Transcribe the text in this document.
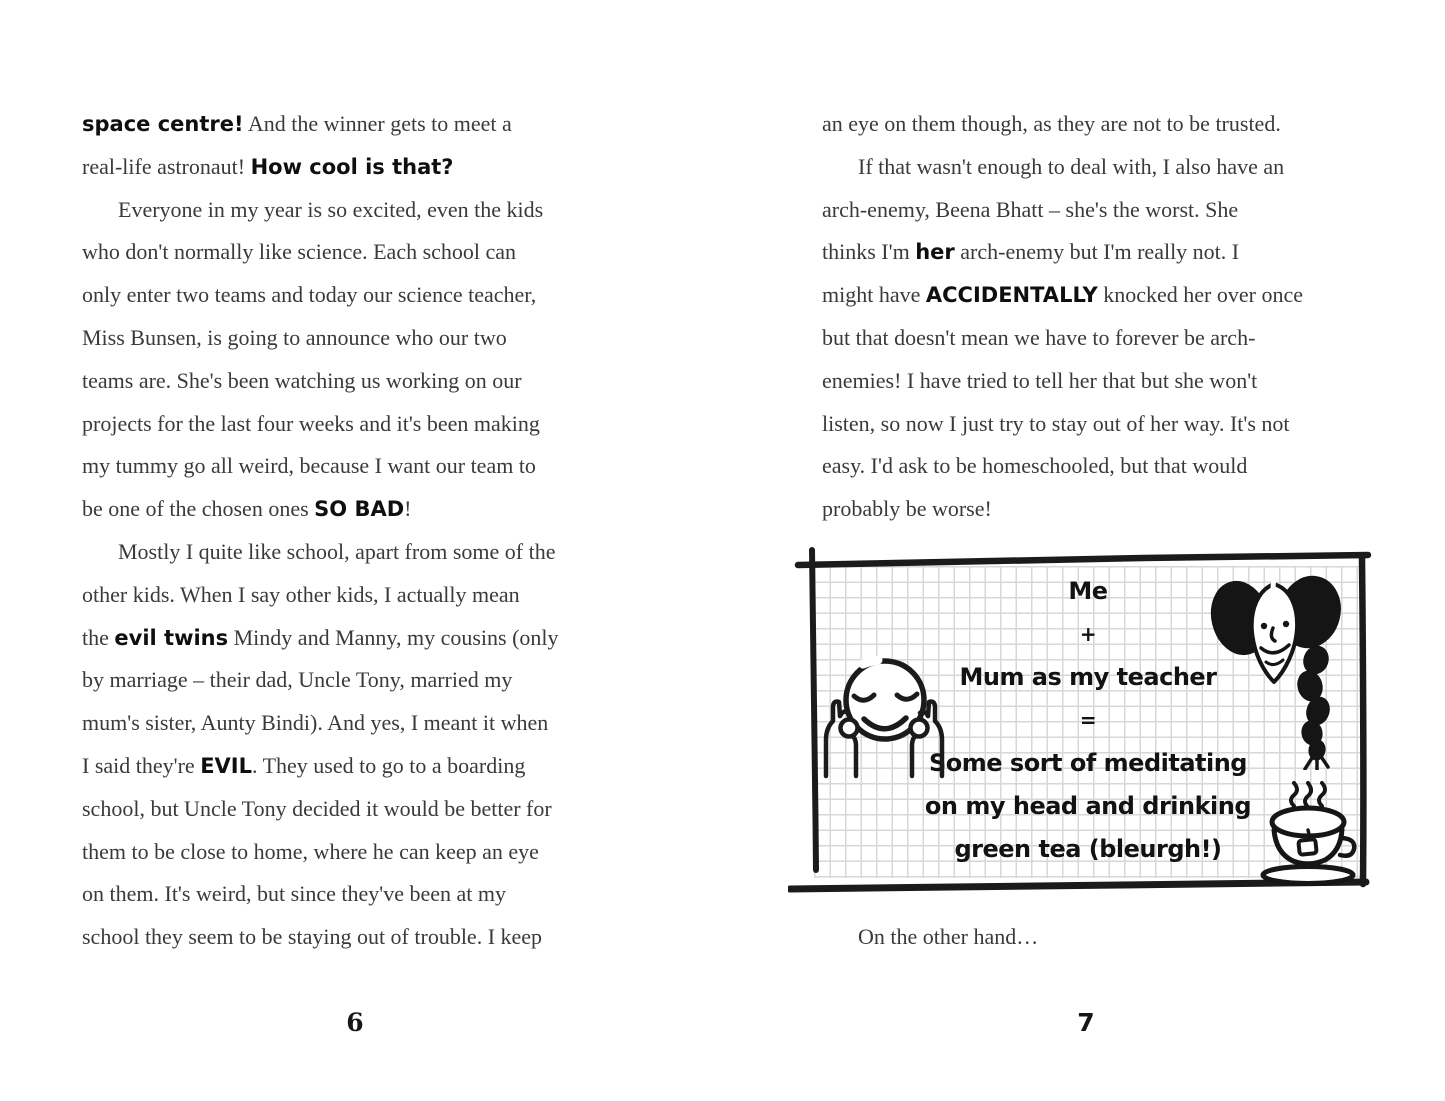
space centre! And the winner gets to meet a
real-life astronaut! How cool is that?
Everyone in my year is so excited, even the kids
who don't normally like science. Each school can
only enter two teams and today our science teacher,
Miss Bunsen, is going to announce who our two
teams are. She's been watching us working on our
projects for the last four weeks and it's been making
my tummy go all weird, because I want our team to
be one of the chosen ones SO BAD!
Mostly I quite like school, apart from some of the
other kids. When I say other kids, I actually mean
the evil twins Mindy and Manny, my cousins (only
by marriage – their dad, Uncle Tony, married my
mum's sister, Aunty Bindi). And yes, I meant it when
I said they're EVIL. They used to go to a boarding
school, but Uncle Tony decided it would be better for
them to be close to home, where he can keep an eye
on them. It's weird, but since they've been at my
school they seem to be staying out of trouble. I keep
an eye on them though, as they are not to be trusted.
If that wasn't enough to deal with, I also have an
arch-enemy, Beena Bhatt – she's the worst. She
thinks I'm her arch-enemy but I'm really not. I
might have ACCIDENTALLY knocked her over once
but that doesn't mean we have to forever be arch-
enemies! I have tried to tell her that but she won't
listen, so now I just try to stay out of her way. It's not
easy. I'd ask to be homeschooled, but that would
probably be worse!
Me
+
Mum as my teacher
=
Some sort of meditating
on my head and drinking
green tea (bleurgh!)
On the other hand…
6	7
